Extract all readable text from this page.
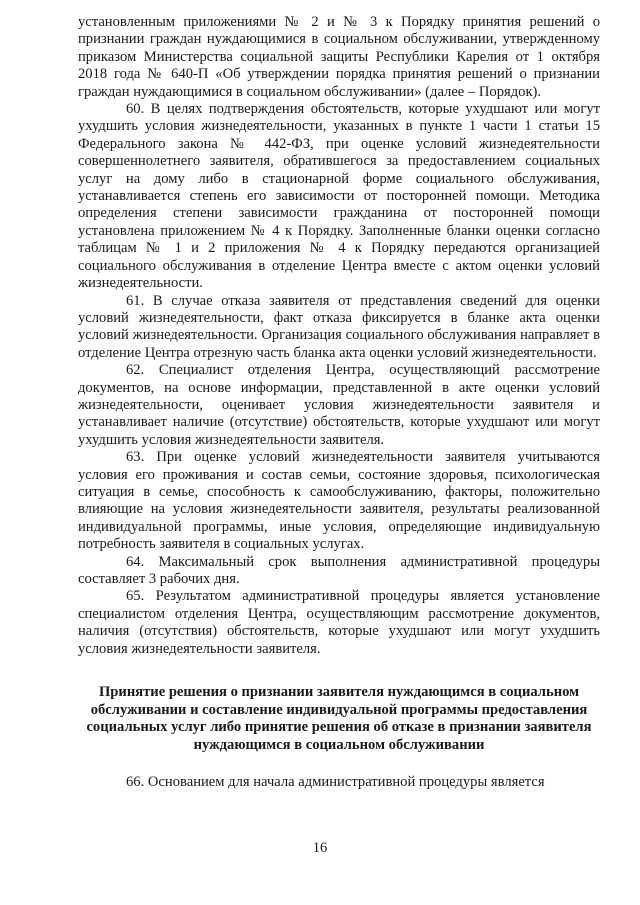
установленным приложениями № 2 и № 3 к Порядку принятия решений о признании граждан нуждающимися в социальном обслуживании, утвержденному приказом Министерства социальной защиты Республики Карелия от 1 октября 2018 года № 640-П «Об утверждении порядка принятия решений о признании граждан нуждающимися в социальном обслуживании» (далее – Порядок).

60. В целях подтверждения обстоятельств, которые ухудшают или могут ухудшить условия жизнедеятельности, указанных в пункте 1 части 1 статьи 15 Федерального закона № 442-ФЗ, при оценке условий жизнедеятельности совершеннолетнего заявителя, обратившегося за предоставлением социальных услуг на дому либо в стационарной форме социального обслуживания, устанавливается степень его зависимости от посторонней помощи. Методика определения степени зависимости гражданина от посторонней помощи установлена приложением № 4 к Порядку. Заполненные бланки оценки согласно таблицам № 1 и 2 приложения № 4 к Порядку передаются организацией социального обслуживания в отделение Центра вместе с актом оценки условий жизнедеятельности.

61. В случае отказа заявителя от представления сведений для оценки условий жизнедеятельности, факт отказа фиксируется в бланке акта оценки условий жизнедеятельности. Организация социального обслуживания направляет в отделение Центра отрезную часть бланка акта оценки условий жизнедеятельности.

62. Специалист отделения Центра, осуществляющий рассмотрение документов, на основе информации, представленной в акте оценки условий жизнедеятельности, оценивает условия жизнедеятельности заявителя и устанавливает наличие (отсутствие) обстоятельств, которые ухудшают или могут ухудшить условия жизнедеятельности заявителя.

63. При оценке условий жизнедеятельности заявителя учитываются условия его проживания и состав семьи, состояние здоровья, психологическая ситуация в семье, способность к самообслуживанию, факторы, положительно влияющие на условия жизнедеятельности заявителя, результаты реализованной индивидуальной программы, иные условия, определяющие индивидуальную потребность заявителя в социальных услугах.

64. Максимальный срок выполнения административной процедуры составляет 3 рабочих дня.

65. Результатом административной процедуры является установление специалистом отделения Центра, осуществляющим рассмотрение документов, наличия (отсутствия) обстоятельств, которые ухудшают или могут ухудшить условия жизнедеятельности заявителя.

Принятие решения о признании заявителя нуждающимся в социальном обслуживании и составление индивидуальной программы предоставления социальных услуг либо принятие решения об отказе в признании заявителя нуждающимся в социальном обслуживании

66. Основанием для начала административной процедуры является

16
